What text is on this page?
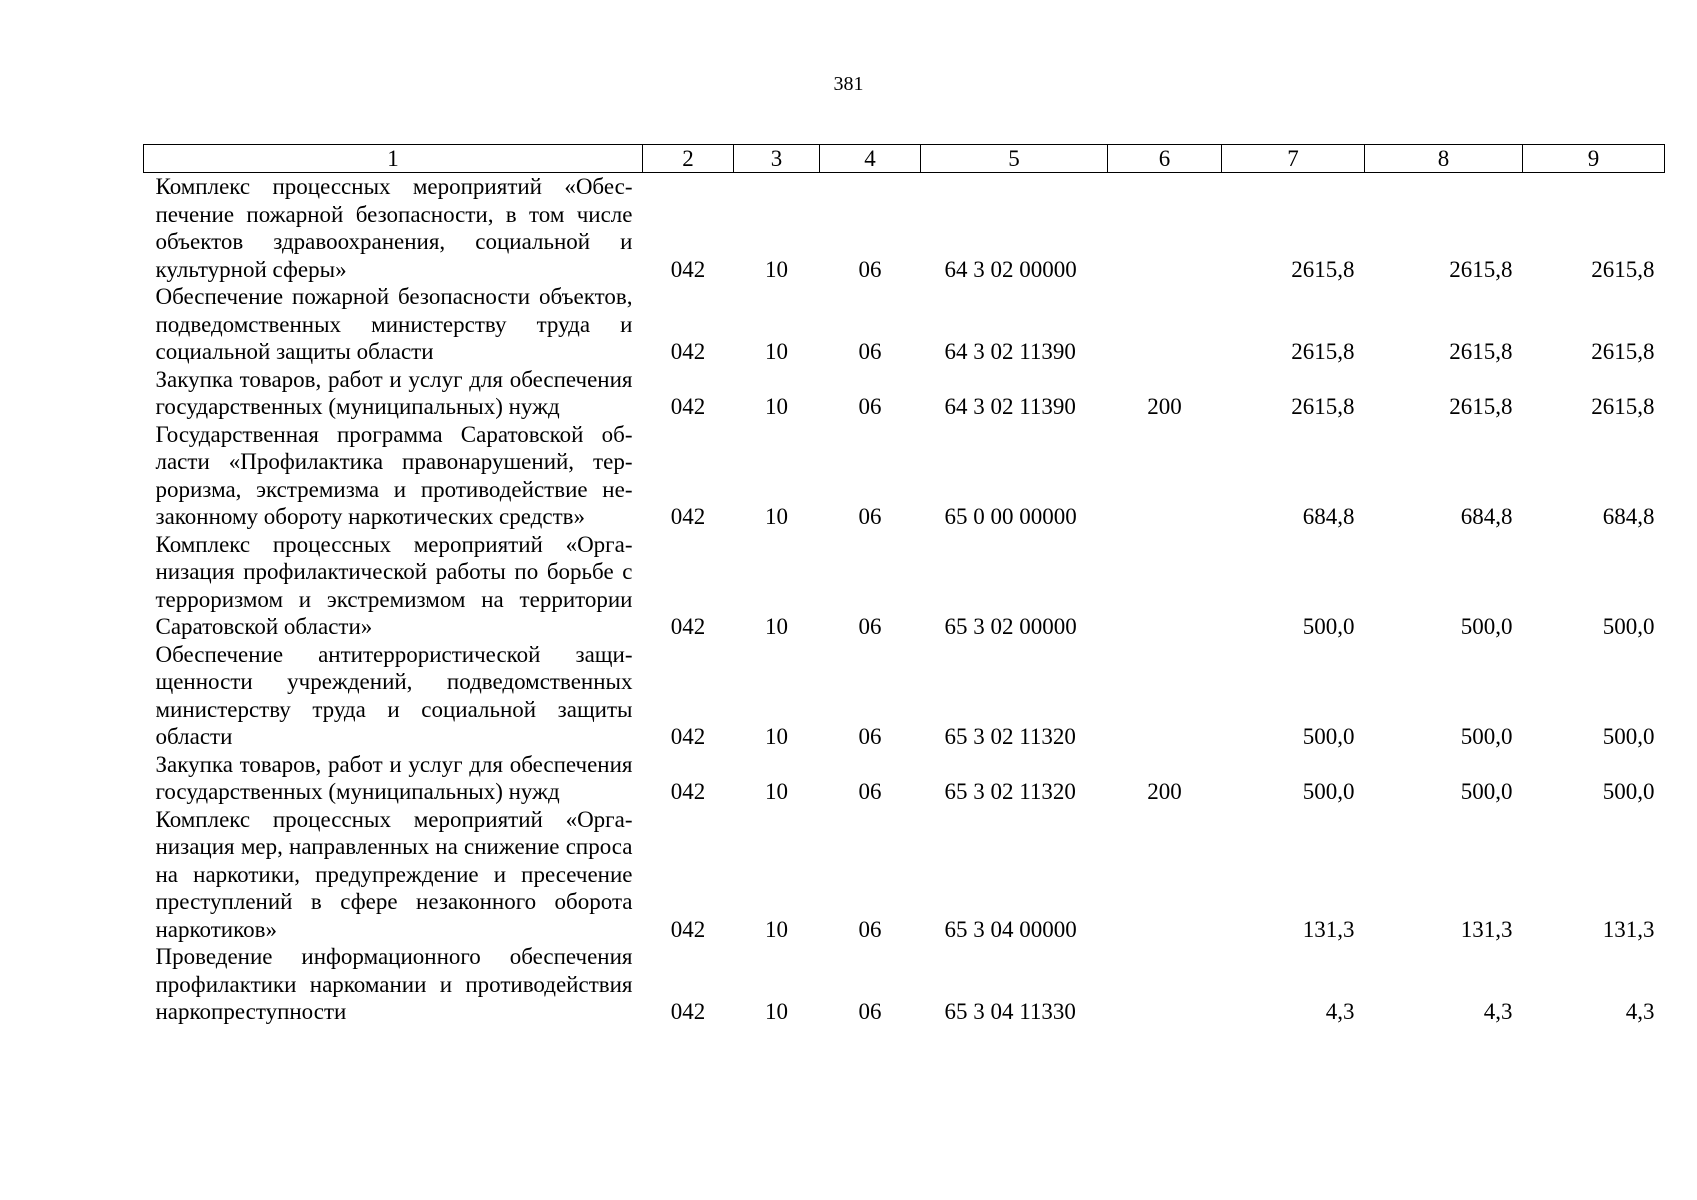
381
1	2	3	4	5	6	7	8	9
Комплекс процессных мероприятий «Обеспечение пожарной безопасности, в том числе объектов здравоохранения, социальной и культурной сферы»	042	10	06	64 3 02 00000		2615,8	2615,8	2615,8
Обеспечение пожарной безопасности объектов, подведомственных министерству труда и социальной защиты области	042	10	06	64 3 02 11390		2615,8	2615,8	2615,8
Закупка товаров, работ и услуг для обеспечения государственных (муниципальных) нужд	042	10	06	64 3 02 11390	200	2615,8	2615,8	2615,8
Государственная программа Саратовской области «Профилактика правонарушений, терроризма, экстремизма и противодействие незаконному обороту наркотических средств»	042	10	06	65 0 00 00000		684,8	684,8	684,8
Комплекс процессных мероприятий «Организация профилактической работы по борьбе с терроризмом и экстремизмом на территории Саратовской области»	042	10	06	65 3 02 00000		500,0	500,0	500,0
Обеспечение антитеррористической защищенности учреждений, подведомственных министерству труда и социальной защиты области	042	10	06	65 3 02 11320		500,0	500,0	500,0
Закупка товаров, работ и услуг для обеспечения государственных (муниципальных) нужд	042	10	06	65 3 02 11320	200	500,0	500,0	500,0
Комплекс процессных мероприятий «Организация мер, направленных на снижение спроса на наркотики, предупреждение и пресечение преступлений в сфере незаконного оборота наркотиков»	042	10	06	65 3 04 00000		131,3	131,3	131,3
Проведение информационного обеспечения профилактики наркомании и противодействия наркопреступности	042	10	06	65 3 04 11330		4,3	4,3	4,3
